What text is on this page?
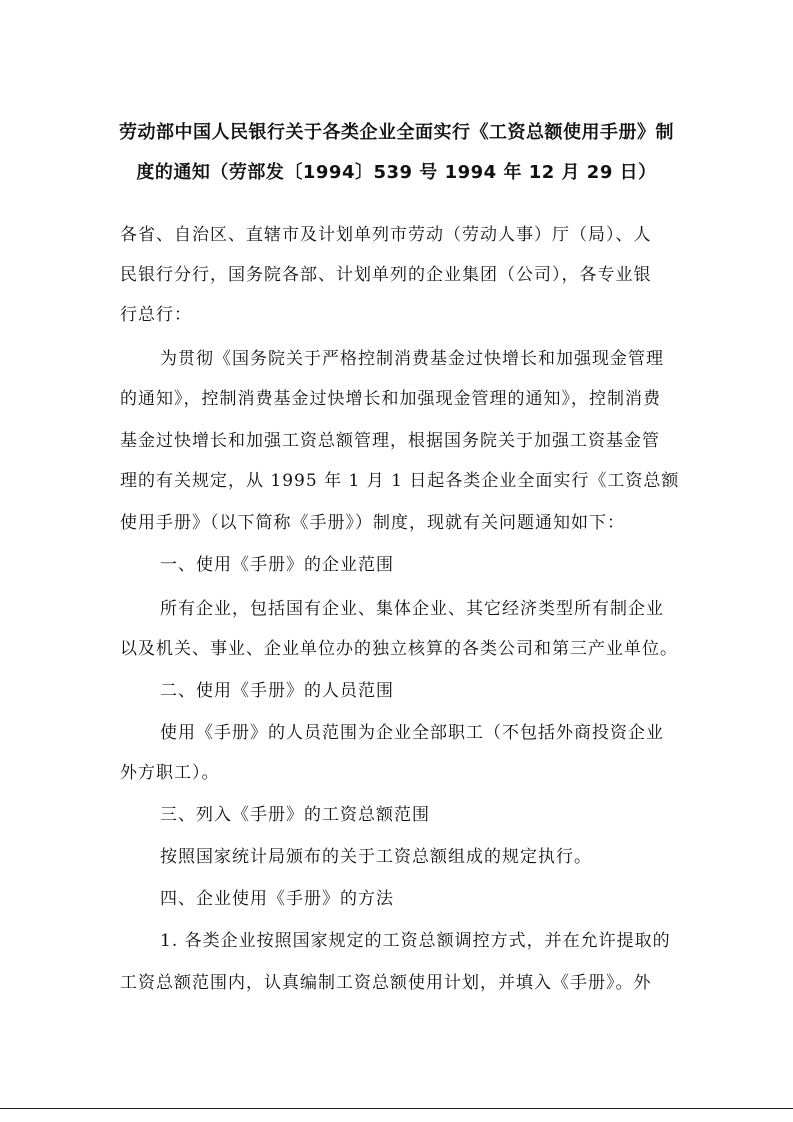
劳动部中国人民银行关于各类企业全面实行《工资总额使用手册》制
度的通知（劳部发〔1994〕539 号 1994 年 12 月 29 日）
各省、自治区、直辖市及计划单列市劳动（劳动人事）厅（局）、人
民银行分行，国务院各部、计划单列的企业集团（公司），各专业银
行总行：
为贯彻《国务院关于严格控制消费基金过快增长和加强现金管理
的通知》，控制消费基金过快增长和加强现金管理的通知》，控制消费
基金过快增长和加强工资总额管理，根据国务院关于加强工资基金管
理的有关规定，从 1995 年 1 月 1 日起各类企业全面实行《工资总额
使用手册》（以下简称《手册》）制度，现就有关问题通知如下：
一、使用《手册》的企业范围
所有企业，包括国有企业、集体企业、其它经济类型所有制企业
以及机关、事业、企业单位办的独立核算的各类公司和第三产业单位。
二、使用《手册》的人员范围
使用《手册》的人员范围为企业全部职工（不包括外商投资企业
外方职工）。
三、列入《手册》的工资总额范围
按照国家统计局颁布的关于工资总额组成的规定执行。
四、企业使用《手册》的方法
1. 各类企业按照国家规定的工资总额调控方式，并在允许提取的
工资总额范围内，认真编制工资总额使用计划，并填入《手册》。外
